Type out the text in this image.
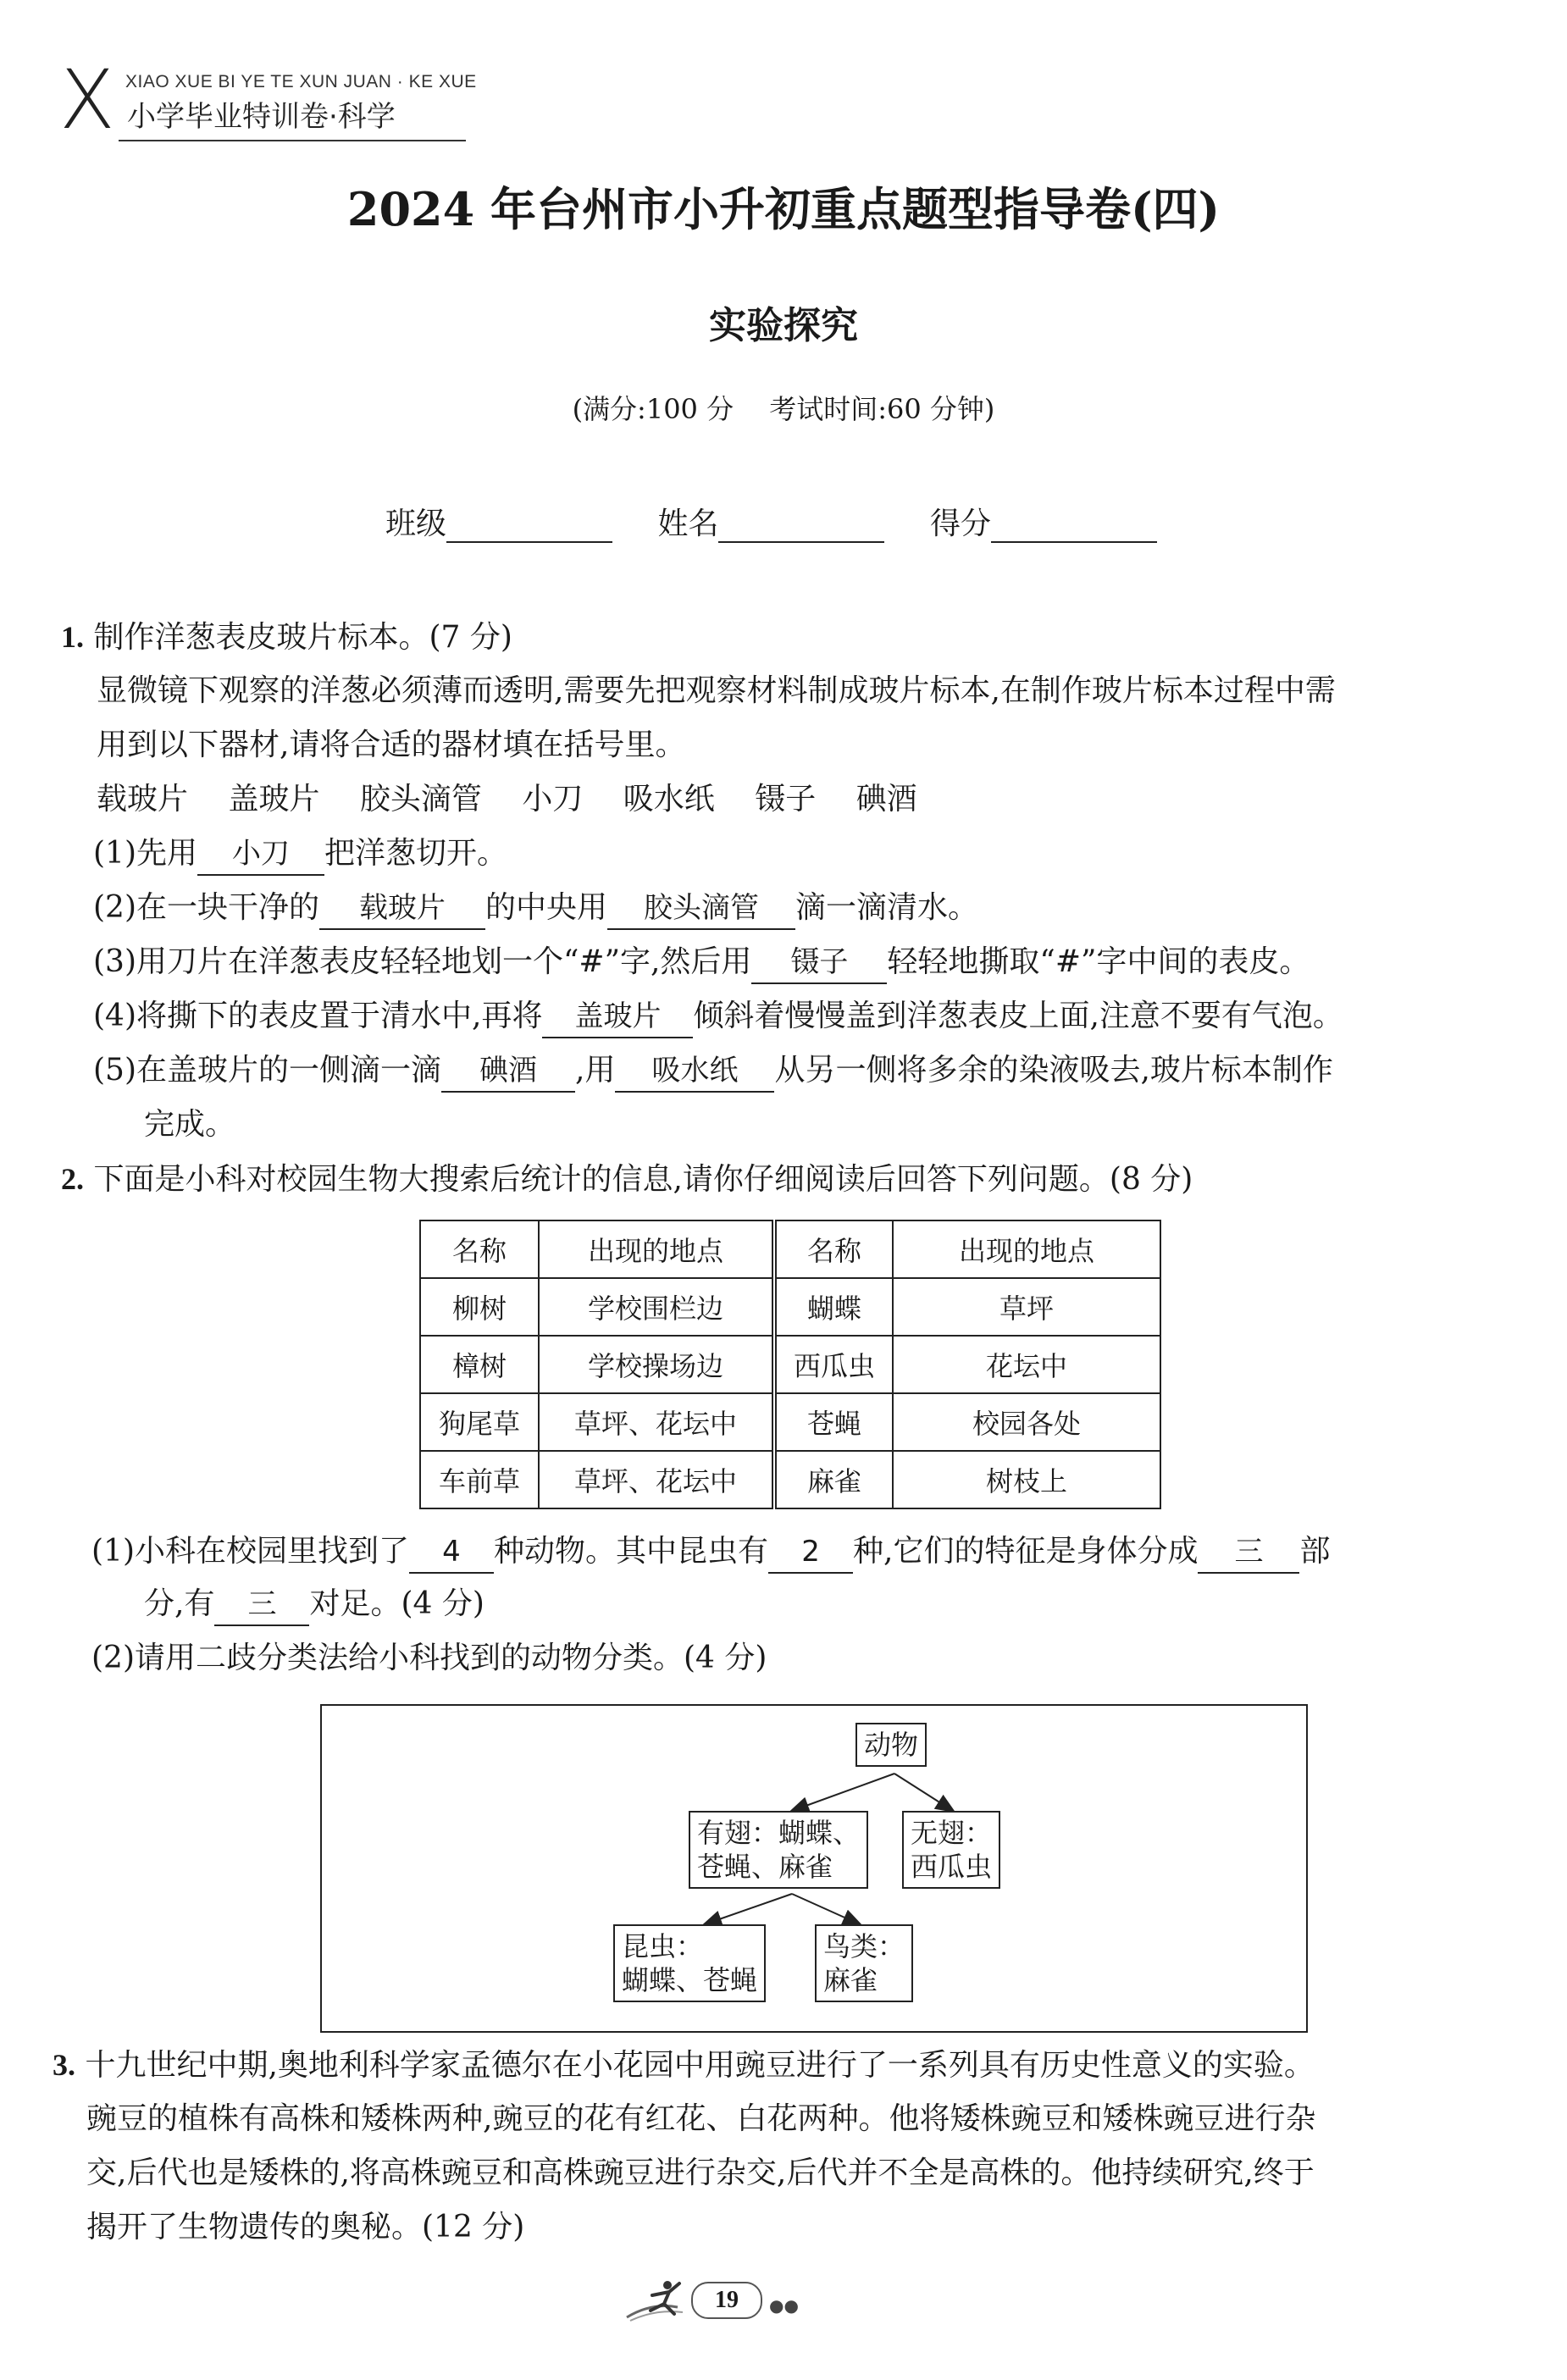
X XIAO XUE BI YE TE XUN JUAN · KE XUE
小学毕业特训卷·科学
2024 年台州市小升初重点题型指导卷(四)
实验探究
(满分:100 分　 考试时间:60 分钟)
班级	姓名	得分
1. 制作洋葱表皮玻片标本。(7 分)
显微镜下观察的洋葱必须薄而透明,需要先把观察材料制成玻片标本,在制作玻片标本过程中需
用到以下器材,请将合适的器材填在括号里。
载玻片　 盖玻片　 胶头滴管　 小刀　 吸水纸　 镊子　 碘酒
(1)先用 小刀 把洋葱切开。
(2)在一块干净的 载玻片 的中央用 胶头滴管 滴一滴清水。
(3)用刀片在洋葱表皮轻轻地划一个“#”字,然后用 镊子 轻轻地撕取“#”字中间的表皮。
(4)将撕下的表皮置于清水中,再将 盖玻片 倾斜着慢慢盖到洋葱表皮上面,注意不要有气泡。
(5)在盖玻片的一侧滴一滴 碘酒 ,用 吸水纸 从另一侧将多余的染液吸去,玻片标本制作
完成。
2. 下面是小科对校园生物大搜索后统计的信息,请你仔细阅读后回答下列问题。(8 分)
名称	出现的地点	名称	出现的地点
柳树	学校围栏边	蝴蝶	草坪
樟树	学校操场边	西瓜虫	花坛中
狗尾草	草坪、花坛中	苍蝇	校园各处
车前草	草坪、花坛中	麻雀	树枝上
(1)小科在校园里找到了 4 种动物。其中昆虫有 2 种,它们的特征是身体分成 三 部
分,有 三 对足。(4 分)
(2)请用二歧分类法给小科找到的动物分类。(4 分)
动物
有翅：蝴蝶、
苍蝇、麻雀
无翅：
西瓜虫
昆虫：
蝴蝶、苍蝇
鸟类：
麻雀
3. 十九世纪中期,奥地利科学家孟德尔在小花园中用豌豆进行了一系列具有历史性意义的实验。
豌豆的植株有高株和矮株两种,豌豆的花有红花、白花两种。他将矮株豌豆和矮株豌豆进行杂
交,后代也是矮株的,将高株豌豆和高株豌豆进行杂交,后代并不全是高株的。他持续研究,终于
揭开了生物遗传的奥秘。(12 分)
19	●●
